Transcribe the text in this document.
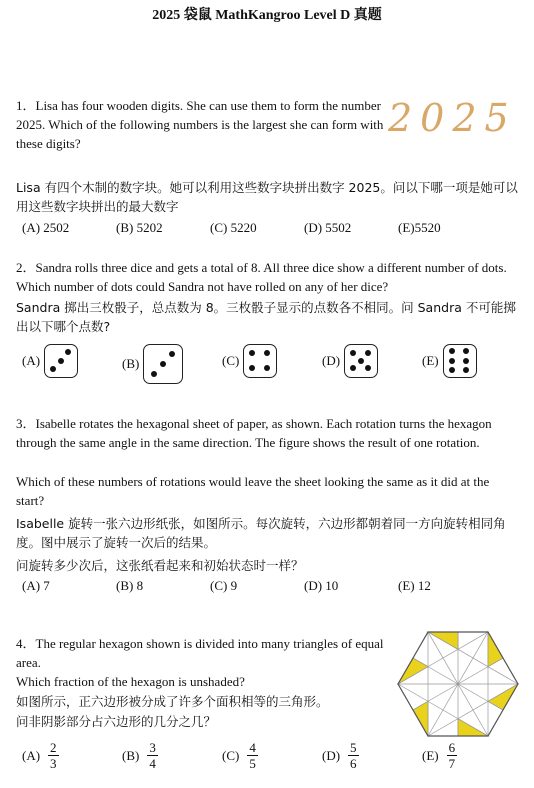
2025 袋鼠 MathKangroo Level D 真题
2025
1．Lisa has four wooden digits. She can use them to form the number 2025. Which of the following numbers is the largest she can form with these digits?
Lisa 有四个木制的数字块。她可以利用这些数字块拼出数字 2025。问以下哪一项是她可以用这些数字块拼出的最大数字
(A) 2502	(B) 5202	(C) 5220	(D) 5502	(E)5520
2．Sandra rolls three dice and gets a total of 8. All three dice show a different number of dots. Which number of dots could Sandra not have rolled on any of her dice?
Sandra 掷出三枚骰子，总点数为 8。三枚骰子显示的点数各不相同。问 Sandra 不可能掷出以下哪个点数?
(A)	(B)	(C)	(D)	(E)
3．Isabelle rotates the hexagonal sheet of paper, as shown. Each rotation turns the hexagon through the same angle in the same direction. The figure shows the result of one rotation.
Which of these numbers of rotations would leave the sheet looking the same as it did at the start?
Isabelle 旋转一张六边形纸张，如图所示。每次旋转，六边形都朝着同一方向旋转相同角度。图中展示了旋转一次后的结果。
问旋转多少次后，这张纸看起来和初始状态时一样？
(A) 7	(B) 8	(C) 9	(D) 10	(E) 12
4．The regular hexagon shown is divided into many triangles of equal area.
Which fraction of the hexagon is unshaded?
如图所示，正六边形被分成了许多个面积相等的三角形。
问非阴影部分占六边形的几分之几？
$(A) \frac{2}{3}$	$(B) \frac{3}{4}$	$(C) \frac{4}{5}$	$(D) \frac{5}{6}$	$(E) \frac{6}{7}$
